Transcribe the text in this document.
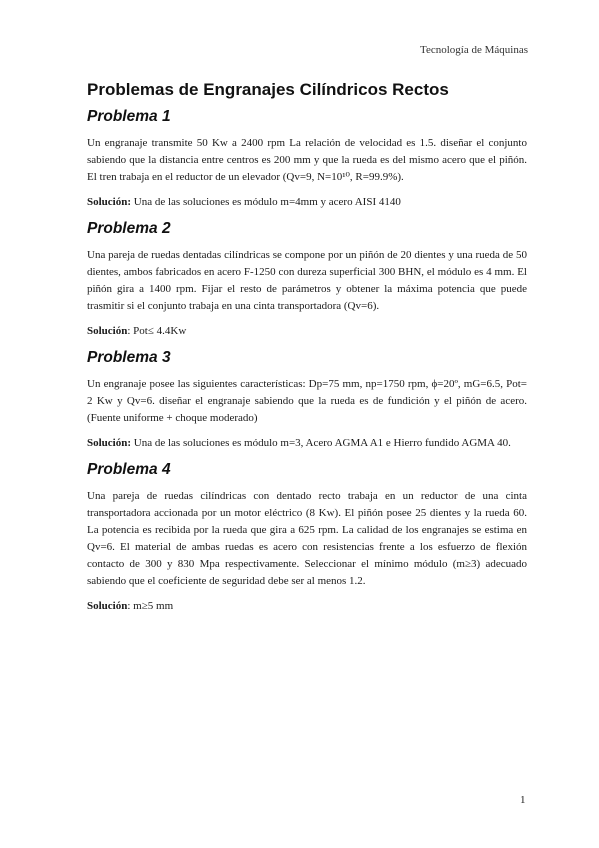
Tecnología de Máquinas
Problemas de Engranajes Cilíndricos Rectos
Problema 1

Un engranaje transmite 50 Kw a 2400 rpm La relación de velocidad es 1.5. diseñar el conjunto sabiendo que la distancia entre centros es 200 mm y que la rueda es del mismo acero que el piñón. El tren trabaja en el reductor de un elevador (Qv=9, N=10¹⁰, R=99.9%).

Solución: Una de las soluciones es módulo m=4mm y acero AISI 4140

Problema 2

Una pareja de ruedas dentadas cilíndricas se compone por un piñón de 20 dientes y una rueda de 50 dientes, ambos fabricados en acero F-1250 con dureza superficial 300 BHN, el módulo es 4 mm. El piñón gira a 1400 rpm. Fijar el resto de parámetros y obtener la máxima potencia que puede trasmitir si el conjunto trabaja en una cinta transportadora (Qv=6).

Solución: Pot≤ 4.4Kw

Problema 3

Un engranaje posee las siguientes características: Dp=75 mm, np=1750 rpm, ϕ=20º, mG=6.5, Pot= 2 Kw y Qv=6. diseñar el engranaje sabiendo que la rueda es de fundición y el piñón de acero. (Fuente uniforme + choque moderado)

Solución: Una de las soluciones es módulo m=3, Acero AGMA A1 e Hierro fundido AGMA 40.

Problema 4

Una pareja de ruedas cilíndricas con dentado recto trabaja en un reductor de una cinta transportadora accionada por un motor eléctrico (8 Kw). El piñón posee 25 dientes y la rueda 60. La potencia es recibida por la rueda que gira a 625 rpm. La calidad de los engranajes se estima en Qv=6. El material de ambas ruedas es acero con resistencias frente a los esfuerzo de flexión contacto de 300 y 830 Mpa respectivamente. Seleccionar el mínimo módulo (m≥3) adecuado sabiendo que el coeficiente de seguridad debe ser al menos 1.2.

Solución: m≥5 mm

1
